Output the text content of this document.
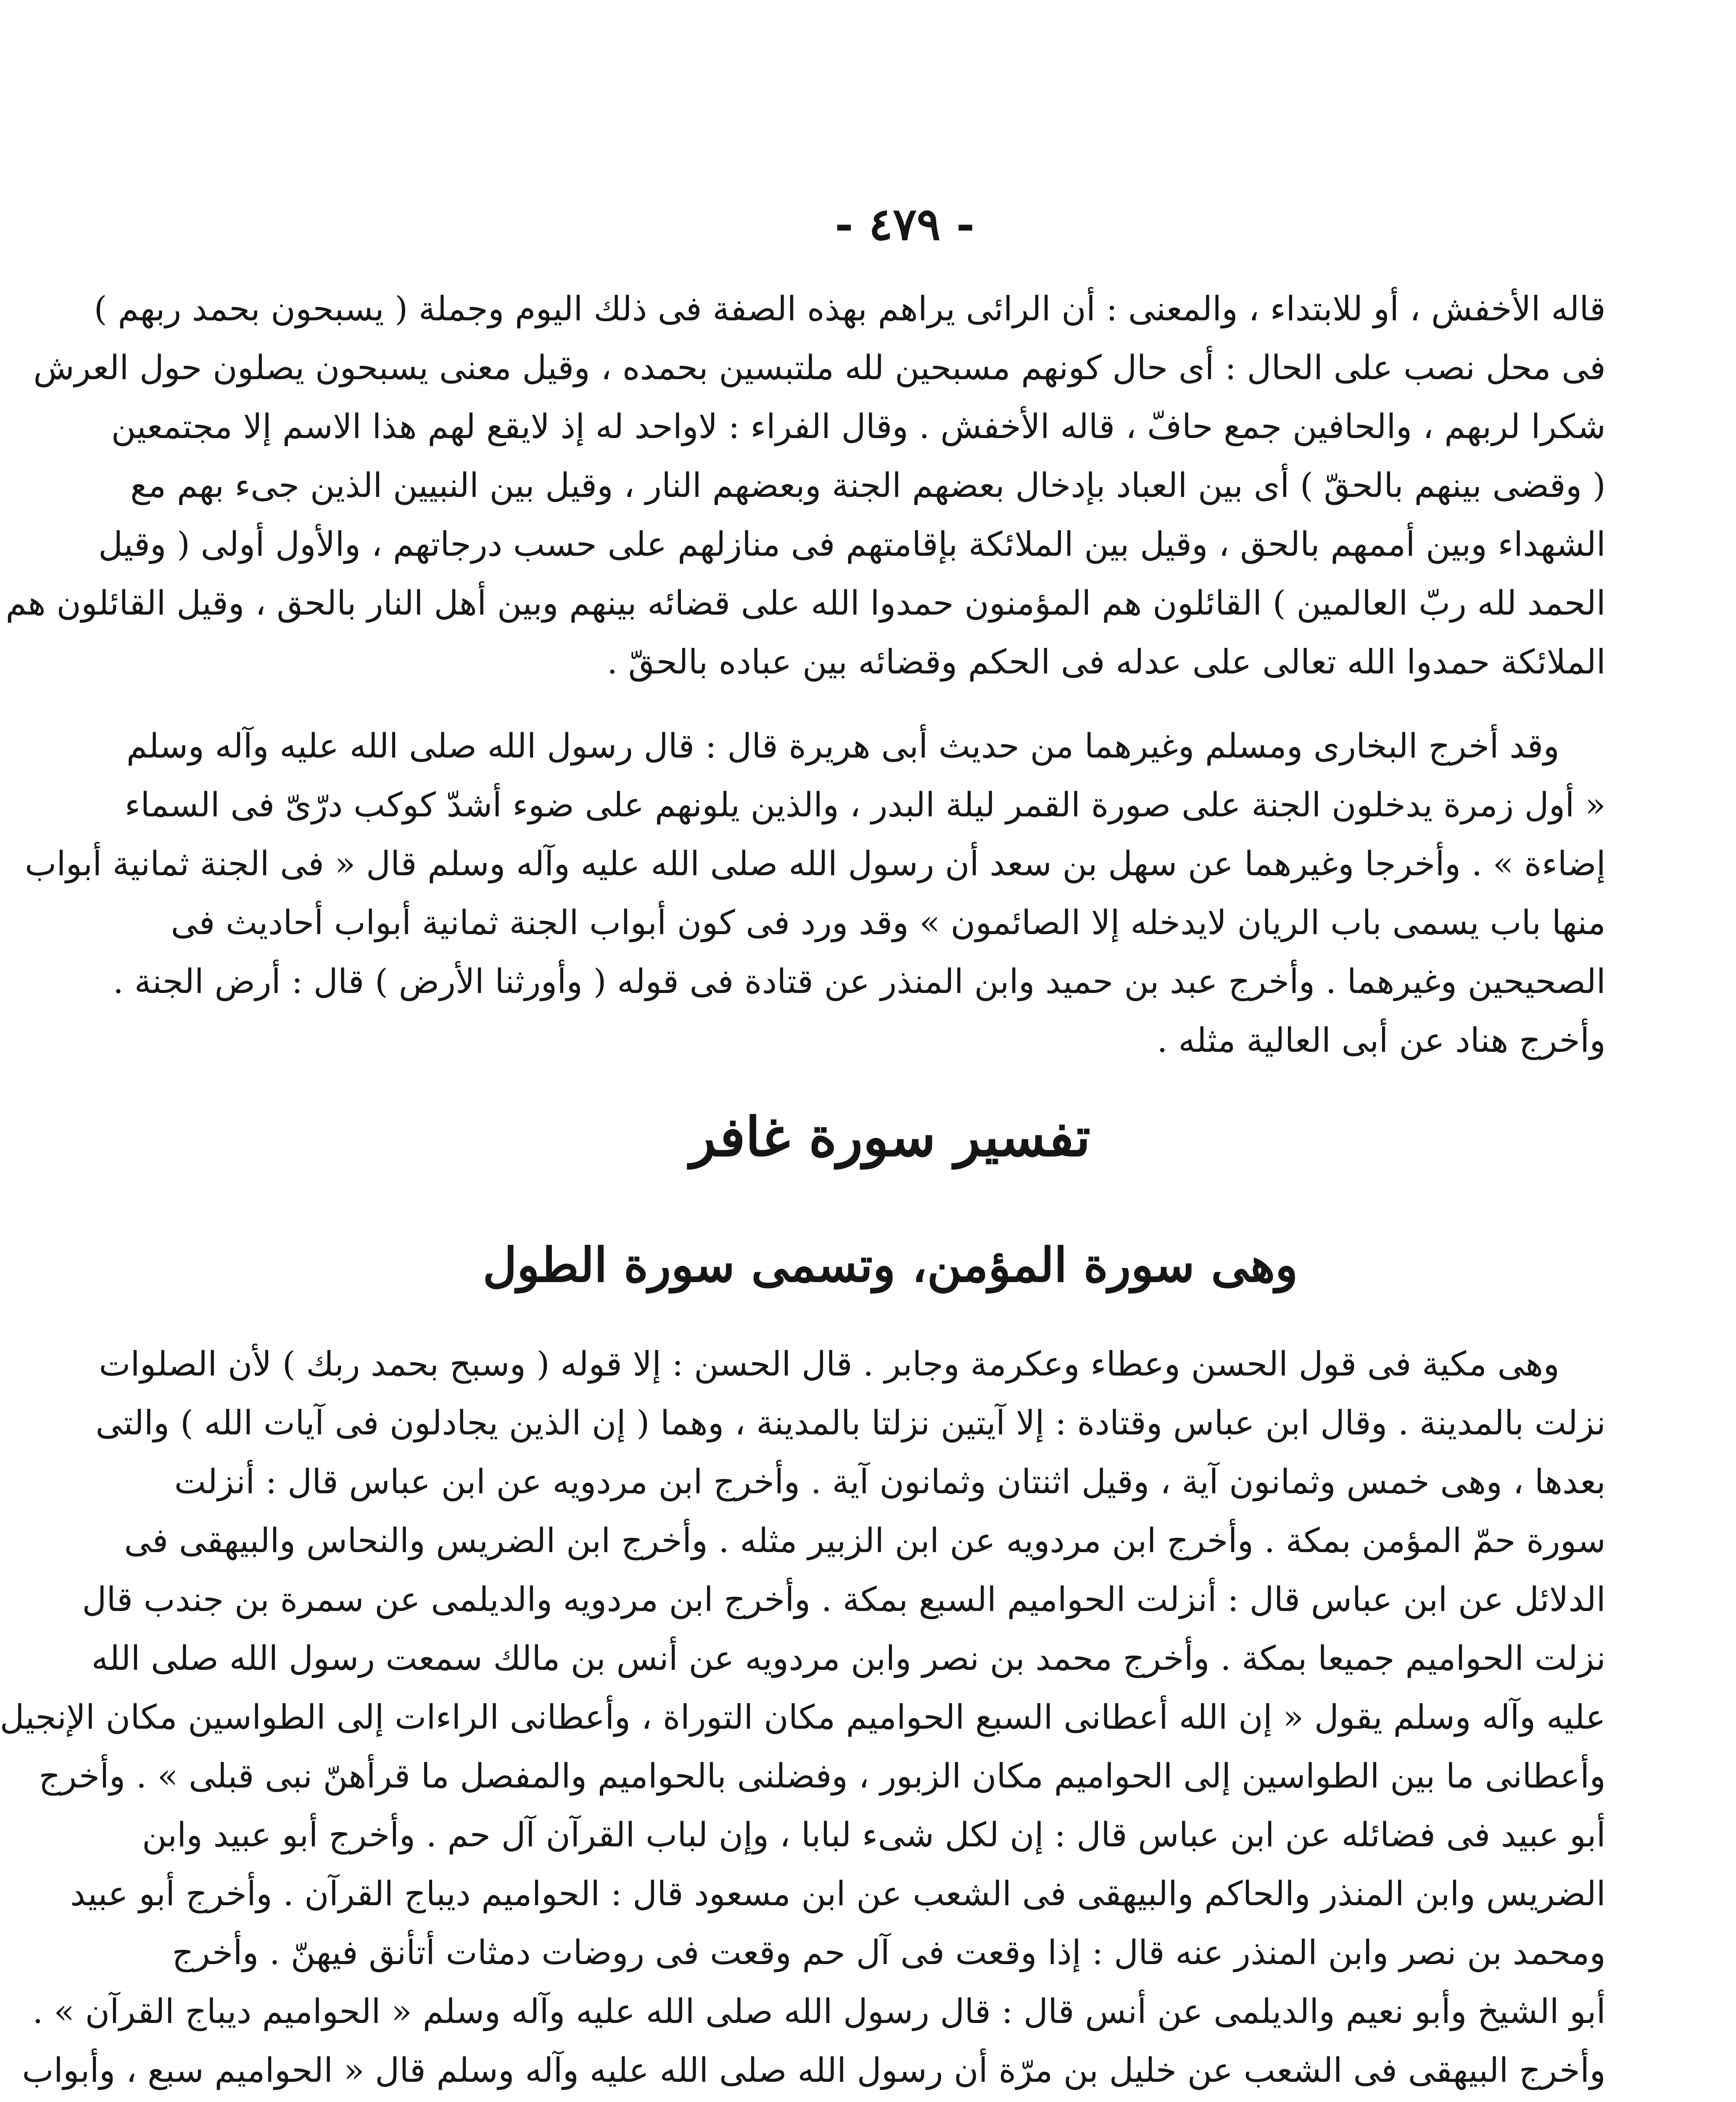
- ٤٧٩ -
قاله الأخفش ، أو للابتداء ، والمعنى : أن الرائى يراهم بهذه الصفة فى ذلك اليوم وجملة ( يسبحون بحمد ربهم )
فى محل نصب على الحال : أى حال كونهم مسبحين لله ملتبسين بحمده ، وقيل معنى يسبحون يصلون حول العرش
شكرا لربهم ، والحافين جمع حافّ ، قاله الأخفش . وقال الفراء : لاواحد له إذ لايقع لهم هذا الاسم إلا مجتمعين
( وقضى بينهم بالحقّ ) أى بين العباد بإدخال بعضهم الجنة وبعضهم النار ، وقيل بين النبيين الذين جىء بهم مع
الشهداء وبين أممهم بالحق ، وقيل بين الملائكة بإقامتهم فى منازلهم على حسب درجاتهم ، والأول أولى ( وقيل
الحمد لله ربّ العالمين ) القائلون هم المؤمنون حمدوا الله على قضائه بينهم وبين أهل النار بالحق ، وقيل القائلون هم
الملائكة حمدوا الله تعالى على عدله فى الحكم وقضائه بين عباده بالحقّ .
وقد أخرج البخارى ومسلم وغيرهما من حديث أبى هريرة قال : قال رسول الله صلى الله عليه وآله وسلم
« أول زمرة يدخلون الجنة على صورة القمر ليلة البدر ، والذين يلونهم على ضوء أشدّ كوكب درّىّ فى السماء
إضاءة » . وأخرجا وغيرهما عن سهل بن سعد أن رسول الله صلى الله عليه وآله وسلم قال « فى الجنة ثمانية أبواب
منها باب يسمى باب الريان لايدخله إلا الصائمون » وقد ورد فى كون أبواب الجنة ثمانية أبواب أحاديث فى
الصحيحين وغيرهما . وأخرج عبد بن حميد وابن المنذر عن قتادة فى قوله ( وأورثنا الأرض ) قال : أرض الجنة .
وأخرج هناد عن أبى العالية مثله .
تفسير سورة غافر
وهى سورة المؤمن، وتسمى سورة الطول
وهى مكية فى قول الحسن وعطاء وعكرمة وجابر . قال الحسن : إلا قوله ( وسبح بحمد ربك ) لأن الصلوات
نزلت بالمدينة . وقال ابن عباس وقتادة : إلا آيتين نزلتا بالمدينة ، وهما ( إن الذين يجادلون فى آيات الله ) والتى
بعدها ، وهى خمس وثمانون آية ، وقيل اثنتان وثمانون آية . وأخرج ابن مردويه عن ابن عباس قال : أنزلت
سورة حمّ المؤمن بمكة . وأخرج ابن مردويه عن ابن الزبير مثله . وأخرج ابن الضريس والنحاس والبيهقى فى
الدلائل عن ابن عباس قال : أنزلت الحواميم السبع بمكة . وأخرج ابن مردويه والديلمى عن سمرة بن جندب قال
نزلت الحواميم جميعا بمكة . وأخرج محمد بن نصر وابن مردويه عن أنس بن مالك سمعت رسول الله صلى الله
عليه وآله وسلم يقول « إن الله أعطانى السبع الحواميم مكان التوراة ، وأعطانى الراءات إلى الطواسين مكان الإنجيل
وأعطانى ما بين الطواسين إلى الحواميم مكان الزبور ، وفضلنى بالحواميم والمفصل ما قرأهنّ نبى قبلى » . وأخرج
أبو عبيد فى فضائله عن ابن عباس قال : إن لكل شىء لبابا ، وإن لباب القرآن آل حم . وأخرج أبو عبيد وابن
الضريس وابن المنذر والحاكم والبيهقى فى الشعب عن ابن مسعود قال : الحواميم ديباج القرآن . وأخرج أبو عبيد
ومحمد بن نصر وابن المنذر عنه قال : إذا وقعت فى آل حم وقعت فى روضات دمثات أتأنق فيهنّ . وأخرج
أبو الشيخ وأبو نعيم والديلمى عن أنس قال : قال رسول الله صلى الله عليه وآله وسلم « الحواميم ديباج القرآن » .
وأخرج البيهقى فى الشعب عن خليل بن مرّة أن رسول الله صلى الله عليه وآله وسلم قال « الحواميم سبع ، وأبواب
